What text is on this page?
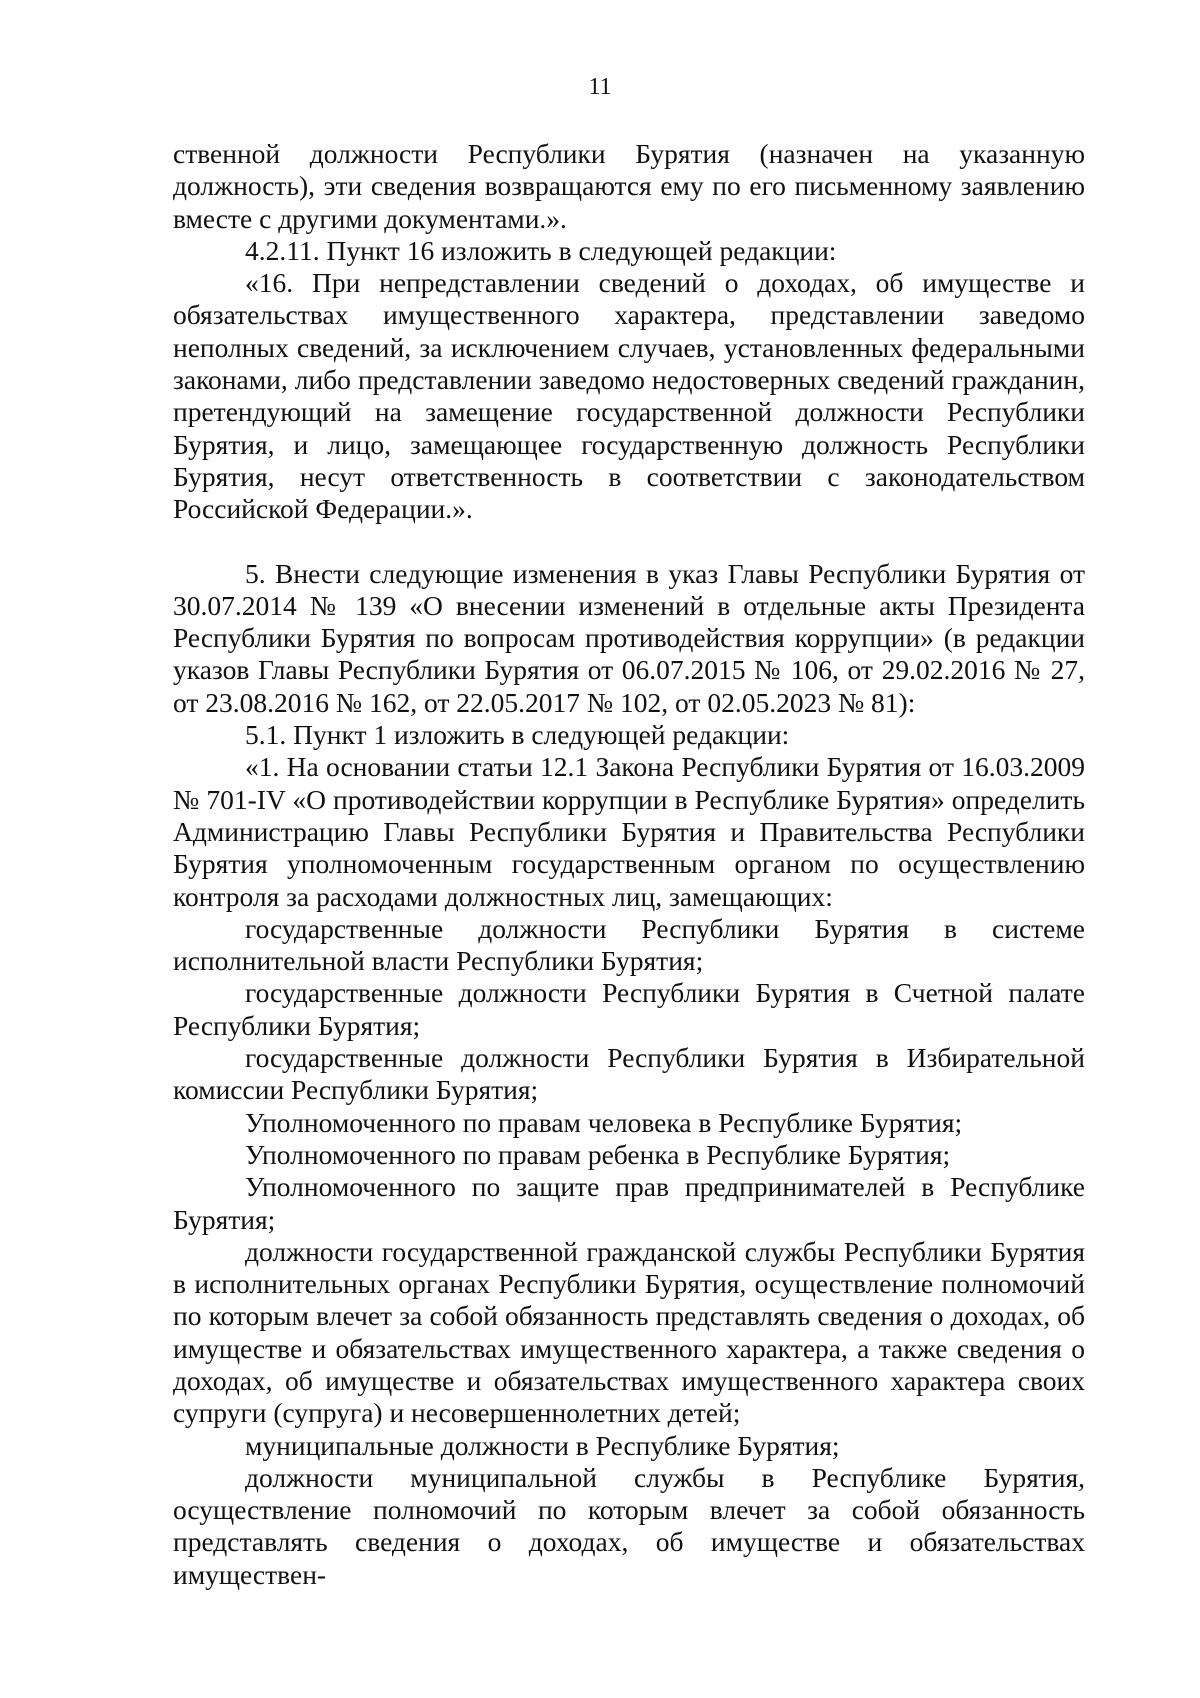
11

ственной должности Республики Бурятия (назначен на указанную должность), эти сведения возвращаются ему по его письменному заявлению вместе с другими документами.».

4.2.11. Пункт 16 изложить в следующей редакции:

«16. При непредставлении сведений о доходах, об имуществе и обязательствах имущественного характера, представлении заведомо неполных сведений, за исключением случаев, установленных федеральными законами, либо представлении заведомо недостоверных сведений гражданин, претендующий на замещение государственной должности Республики Бурятия, и лицо, замещающее государственную должность Республики Бурятия, несут ответственность в соответствии с законодательством Российской Федерации.».

5. Внести следующие изменения в указ Главы Республики Бурятия от 30.07.2014 № 139 «О внесении изменений в отдельные акты Президента Республики Бурятия по вопросам противодействия коррупции» (в редакции указов Главы Республики Бурятия от 06.07.2015 № 106, от 29.02.2016 № 27, от 23.08.2016 № 162, от 22.05.2017 № 102, от 02.05.2023 № 81):

5.1. Пункт 1 изложить в следующей редакции:

«1. На основании статьи 12.1 Закона Республики Бурятия от 16.03.2009 № 701-IV «О противодействии коррупции в Республике Бурятия» определить Администрацию Главы Республики Бурятия и Правительства Республики Бурятия уполномоченным государственным органом по осуществлению контроля за расходами должностных лиц, замещающих:

государственные должности Республики Бурятия в системе исполнительной власти Республики Бурятия;

государственные должности Республики Бурятия в Счетной палате Республики Бурятия;

государственные должности Республики Бурятия в Избирательной комиссии Республики Бурятия;

Уполномоченного по правам человека в Республике Бурятия;

Уполномоченного по правам ребенка в Республике Бурятия;

Уполномоченного по защите прав предпринимателей в Республике Бурятия;

должности государственной гражданской службы Республики Бурятия в исполнительных органах Республики Бурятия, осуществление полномочий по которым влечет за собой обязанность представлять сведения о доходах, об имуществе и обязательствах имущественного характера, а также сведения о доходах, об имуществе и обязательствах имущественного характера своих супруги (супруга) и несовершеннолетних детей;

муниципальные должности в Республике Бурятия;

должности муниципальной службы в Республике Бурятия, осуществление полномочий по которым влечет за собой обязанность представлять сведения о доходах, об имуществе и обязательствах имуществен-
